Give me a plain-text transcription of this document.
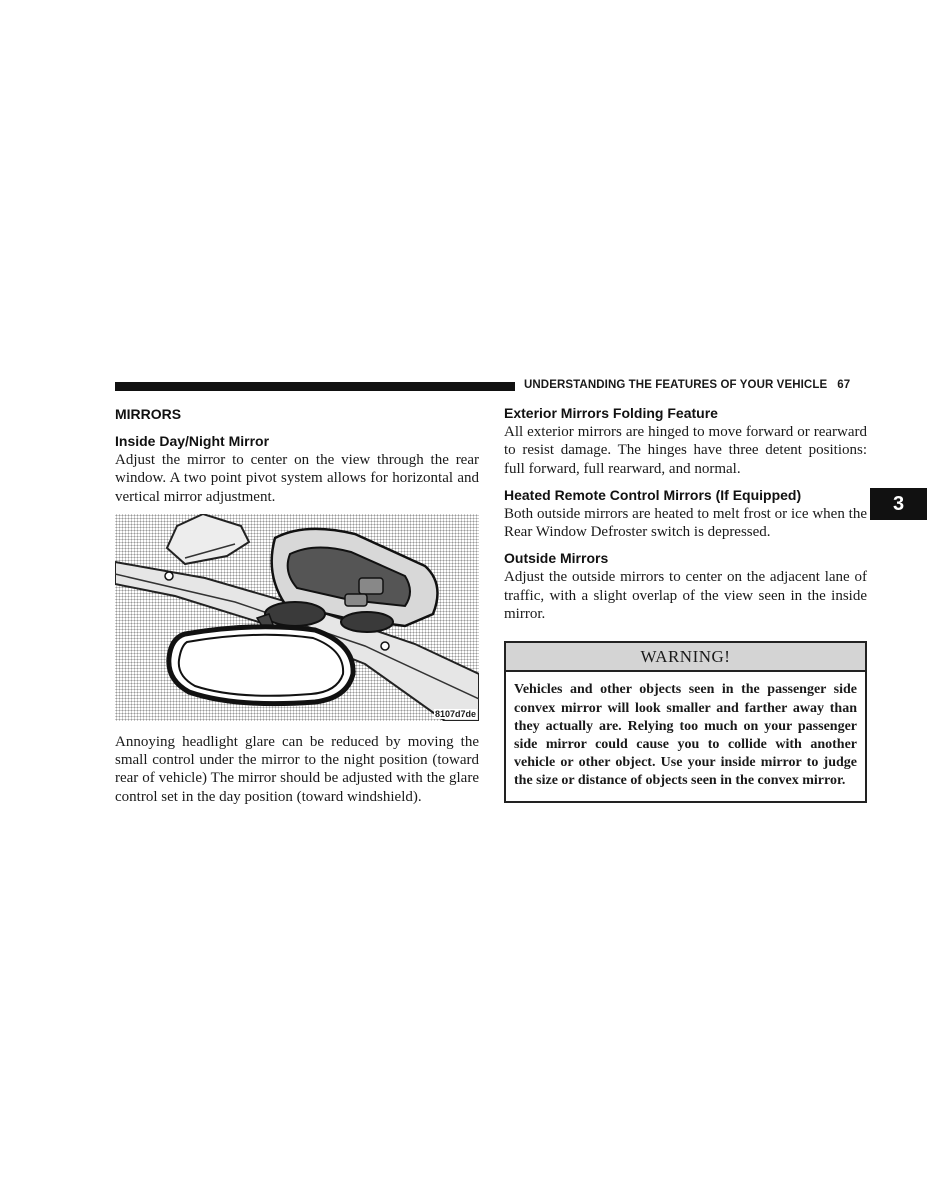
UNDERSTANDING THE FEATURES OF YOUR VEHICLE 67
3
MIRRORS
Inside Day/Night Mirror

Adjust the mirror to center on the view through the rear window. A two point pivot system allows for horizontal and vertical mirror adjustment.

8107d7de

Annoying headlight glare can be reduced by moving the small control under the mirror to the night position (toward rear of vehicle) The mirror should be adjusted with the glare control set in the day position (toward windshield).

Exterior Mirrors Folding Feature

All exterior mirrors are hinged to move forward or rearward to resist damage. The hinges have three detent positions: full forward, full rearward, and normal.

Heated Remote Control Mirrors (If Equipped)

Both outside mirrors are heated to melt frost or ice when the Rear Window Defroster switch is depressed.

Outside Mirrors

Adjust the outside mirrors to center on the adjacent lane of traffic, with a slight overlap of the view seen in the inside mirror.

WARNING!
Vehicles and other objects seen in the passenger side convex mirror will look smaller and farther away than they actually are. Relying too much on your passenger side mirror could cause you to collide with another vehicle or other object. Use your inside mirror to judge the size or distance of objects seen in the convex mirror.
